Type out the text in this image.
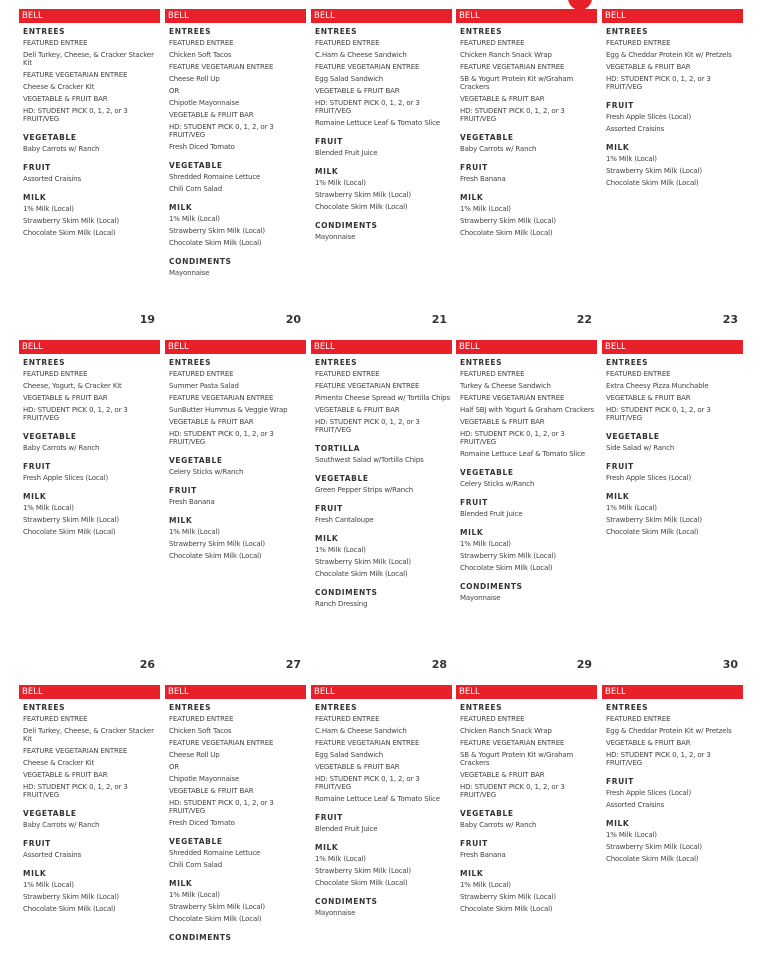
BELL
ENTREES
FEATURED ENTREE
Deli Turkey, Cheese, & Cracker Stacker Kit
FEATURE VEGETARIAN ENTREE
Cheese & Cracker Kit
VEGETABLE & FRUIT BAR
HD: STUDENT PICK 0, 1, 2, or 3 FRUIT/VEG
VEGETABLE
Baby Carrots w/ Ranch
FRUIT
Assorted Craisins
MILK
1% Milk (Local)
Strawberry Skim Milk (Local)
Chocolate Skim Milk (Local)
BELL
ENTREES
FEATURED ENTREE
Chicken Soft Tacos
FEATURE VEGETARIAN ENTREE
Cheese Roll Up
OR
Chipotle Mayonnaise
VEGETABLE & FRUIT BAR
HD: STUDENT PICK 0, 1, 2, or 3 FRUIT/VEG
Fresh Diced Tomato
VEGETABLE
Shredded Romaine Lettuce
Chili Corn Salad
MILK
1% Milk (Local)
Strawberry Skim Milk (Local)
Chocolate Skim Milk (Local)
CONDIMENTS
Mayonnaise
BELL
ENTREES
FEATURED ENTREE
C.Ham & Cheese Sandwich
FEATURE VEGETARIAN ENTREE
Egg Salad Sandwich
VEGETABLE & FRUIT BAR
HD: STUDENT PICK 0, 1, 2, or 3 FRUIT/VEG
Romaine Lettuce Leaf & Tomato Slice
FRUIT
Blended Fruit Juice
MILK
1% Milk (Local)
Strawberry Skim Milk (Local)
Chocolate Skim Milk (Local)
CONDIMENTS
Mayonnaise
BELL
ENTREES
FEATURED ENTREE
Chicken Ranch Snack Wrap
FEATURE VEGETARIAN ENTREE
SB & Yogurt Protein Kit w/Graham Crackers
VEGETABLE & FRUIT BAR
HD: STUDENT PICK 0, 1, 2, or 3 FRUIT/VEG
VEGETABLE
Baby Carrots w/ Ranch
FRUIT
Fresh Banana
MILK
1% Milk (Local)
Strawberry Skim Milk (Local)
Chocolate Skim Milk (Local)
BELL
ENTREES
FEATURED ENTREE
Egg & Cheddar Protein Kit w/ Pretzels
VEGETABLE & FRUIT BAR
HD: STUDENT PICK 0, 1, 2, or 3 FRUIT/VEG
FRUIT
Fresh Apple Slices (Local)
Assorted Craisins
MILK
1% Milk (Local)
Strawberry Skim Milk (Local)
Chocolate Skim Milk (Local)
19
BELL
ENTREES
FEATURED ENTREE
Cheese, Yogurt, & Cracker Kit
VEGETABLE & FRUIT BAR
HD: STUDENT PICK 0, 1, 2, or 3 FRUIT/VEG
VEGETABLE
Baby Carrots w/ Ranch
FRUIT
Fresh Apple Slices (Local)
MILK
1% Milk (Local)
Strawberry Skim Milk (Local)
Chocolate Skim Milk (Local)
20
BELL
ENTREES
FEATURED ENTREE
Summer Pasta Salad
FEATURE VEGETARIAN ENTREE
SunButter Hummus & Veggie Wrap
VEGETABLE & FRUIT BAR
HD: STUDENT PICK 0, 1, 2, or 3 FRUIT/VEG
VEGETABLE
Celery Sticks w/Ranch
FRUIT
Fresh Banana
MILK
1% Milk (Local)
Strawberry Skim Milk (Local)
Chocolate Skim Milk (Local)
21
BELL
ENTREES
FEATURED ENTREE
FEATURE VEGETARIAN ENTREE
Pimento Cheese Spread w/ Tortilla Chips
VEGETABLE & FRUIT BAR
HD: STUDENT PICK 0, 1, 2, or 3 FRUIT/VEG
TORTILLA
Southwest Salad w/Tortilla Chips
VEGETABLE
Green Pepper Strips w/Ranch
FRUIT
Fresh Cantaloupe
MILK
1% Milk (Local)
Strawberry Skim Milk (Local)
Chocolate Skim Milk (Local)
CONDIMENTS
Ranch Dressing
22
BELL
ENTREES
FEATURED ENTREE
Turkey & Cheese Sandwich
FEATURE VEGETARIAN ENTREE
Half SBJ with Yogurt & Graham Crackers
VEGETABLE & FRUIT BAR
HD: STUDENT PICK 0, 1, 2, or 3 FRUIT/VEG
Romaine Lettuce Leaf & Tomato Slice
VEGETABLE
Celery Sticks w/Ranch
FRUIT
Blended Fruit Juice
MILK
1% Milk (Local)
Strawberry Skim Milk (Local)
Chocolate Skim Milk (Local)
CONDIMENTS
Mayonnaise
23
BELL
ENTREES
FEATURED ENTREE
Extra Cheesy Pizza Munchable
VEGETABLE & FRUIT BAR
HD: STUDENT PICK 0, 1, 2, or 3 FRUIT/VEG
VEGETABLE
Side Salad w/ Ranch
FRUIT
Fresh Apple Slices (Local)
MILK
1% Milk (Local)
Strawberry Skim Milk (Local)
Chocolate Skim Milk (Local)
26
BELL
ENTREES
FEATURED ENTREE
Deli Turkey, Cheese, & Cracker Stacker Kit
FEATURE VEGETARIAN ENTREE
Cheese & Cracker Kit
VEGETABLE & FRUIT BAR
HD: STUDENT PICK 0, 1, 2, or 3 FRUIT/VEG
VEGETABLE
Baby Carrots w/ Ranch
FRUIT
Assorted Craisins
MILK
1% Milk (Local)
Strawberry Skim Milk (Local)
Chocolate Skim Milk (Local)
27
BELL
ENTREES
FEATURED ENTREE
Chicken Soft Tacos
FEATURE VEGETARIAN ENTREE
Cheese Roll Up
OR
Chipotle Mayonnaise
VEGETABLE & FRUIT BAR
HD: STUDENT PICK 0, 1, 2, or 3 FRUIT/VEG
Fresh Diced Tomato
VEGETABLE
Shredded Romaine Lettuce
Chili Corn Salad
MILK
1% Milk (Local)
Strawberry Skim Milk (Local)
Chocolate Skim Milk (Local)
CONDIMENTS
28
BELL
ENTREES
FEATURED ENTREE
C.Ham & Cheese Sandwich
FEATURE VEGETARIAN ENTREE
Egg Salad Sandwich
VEGETABLE & FRUIT BAR
HD: STUDENT PICK 0, 1, 2, or 3 FRUIT/VEG
Romaine Lettuce Leaf & Tomato Slice
FRUIT
Blended Fruit Juice
MILK
1% Milk (Local)
Strawberry Skim Milk (Local)
Chocolate Skim Milk (Local)
CONDIMENTS
Mayonnaise
29
BELL
ENTREES
FEATURED ENTREE
Chicken Ranch Snack Wrap
FEATURE VEGETARIAN ENTREE
SB & Yogurt Protein Kit w/Graham Crackers
VEGETABLE & FRUIT BAR
HD: STUDENT PICK 0, 1, 2, or 3 FRUIT/VEG
VEGETABLE
Baby Carrots w/ Ranch
FRUIT
Fresh Banana
MILK
1% Milk (Local)
Strawberry Skim Milk (Local)
Chocolate Skim Milk (Local)
30
BELL
ENTREES
FEATURED ENTREE
Egg & Cheddar Protein Kit w/ Pretzels
VEGETABLE & FRUIT BAR
HD: STUDENT PICK 0, 1, 2, or 3 FRUIT/VEG
FRUIT
Fresh Apple Slices (Local)
Assorted Craisins
MILK
1% Milk (Local)
Strawberry Skim Milk (Local)
Chocolate Skim Milk (Local)
